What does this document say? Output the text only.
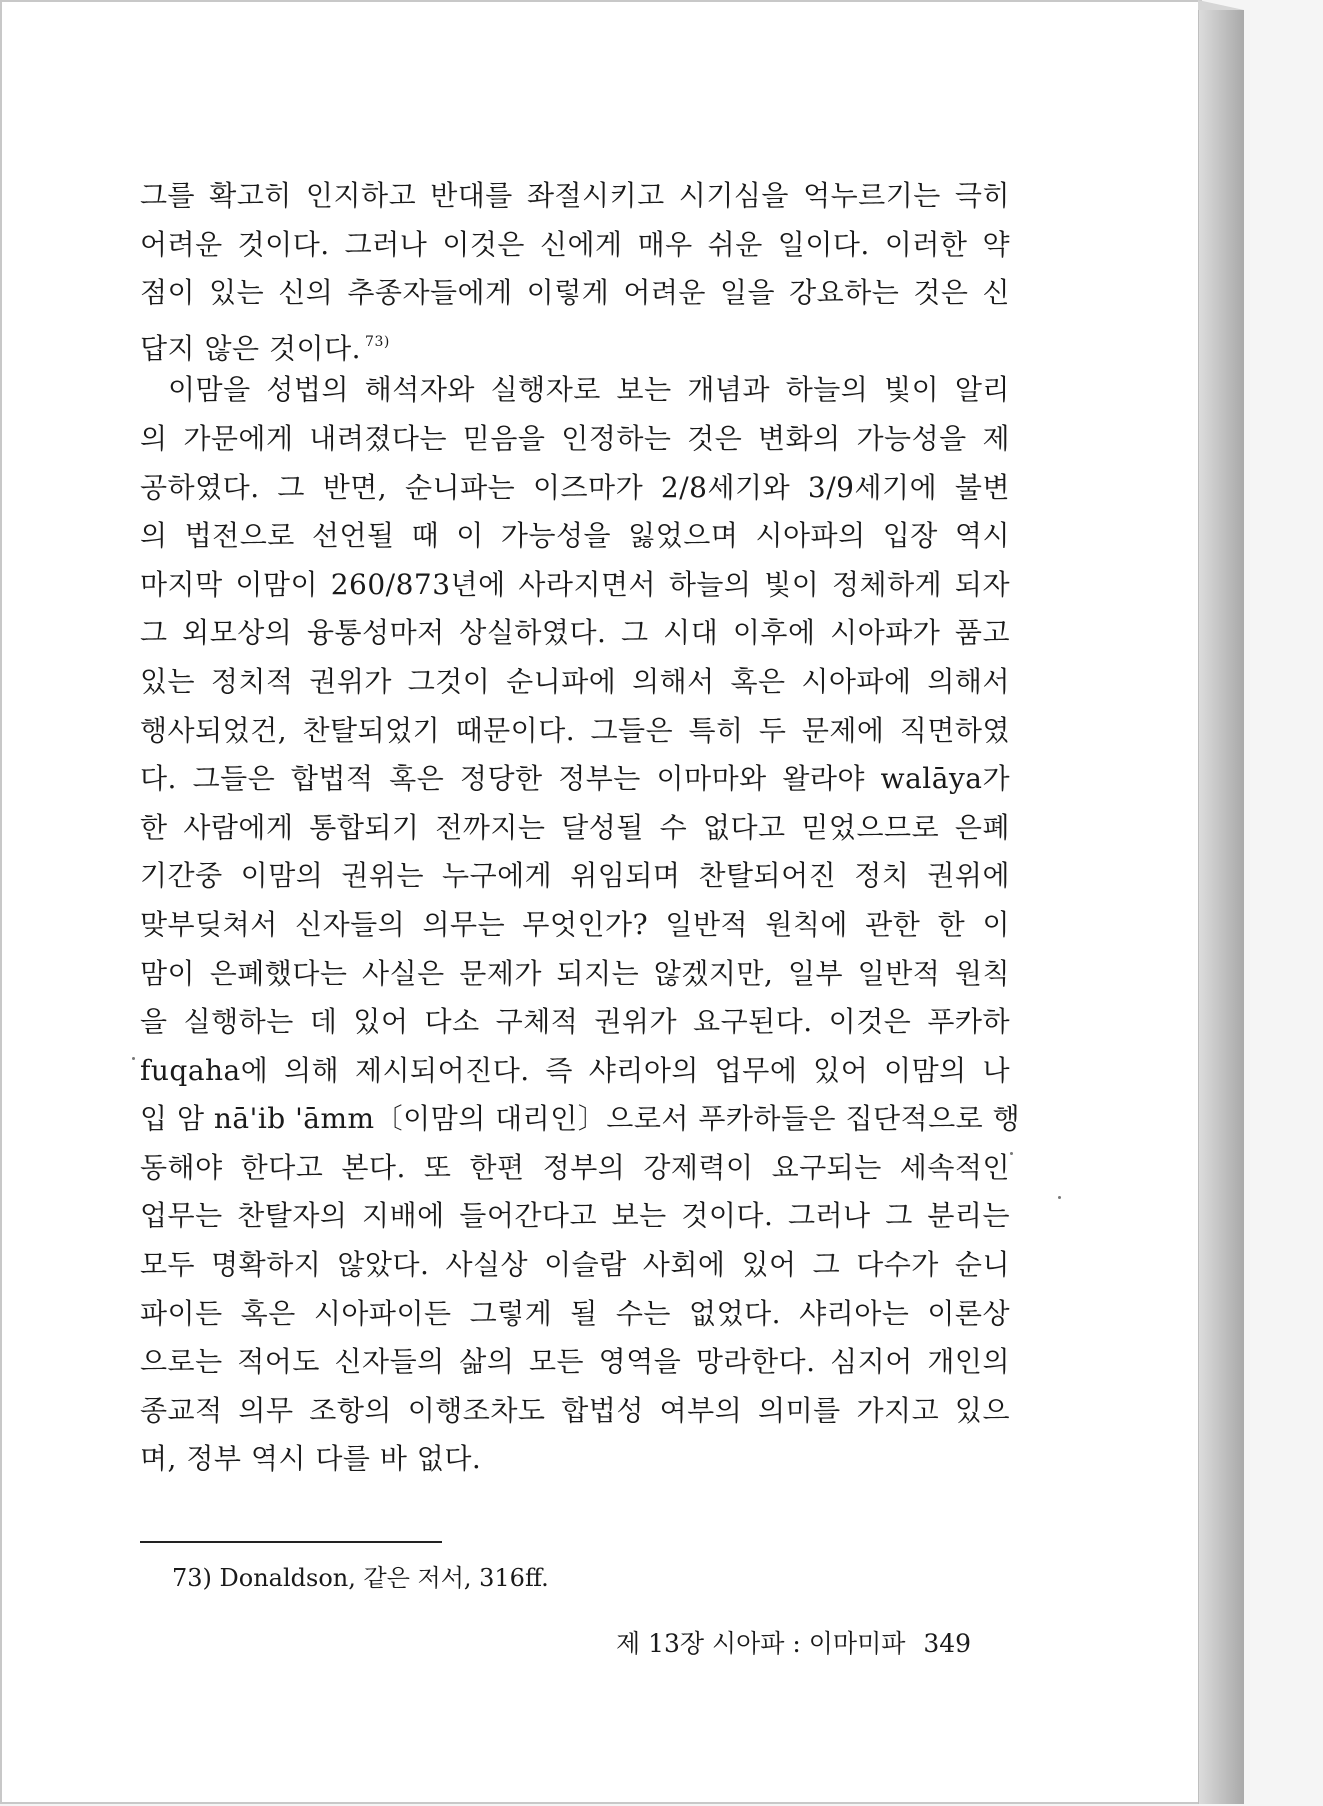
그를 확고히 인지하고 반대를 좌절시키고 시기심을 억누르기는 극히
어려운 것이다. 그러나 이것은 신에게 매우 쉬운 일이다. 이러한 약
점이 있는 신의 추종자들에게 이렇게 어려운 일을 강요하는 것은 신
답지 않은 것이다. $^{73)}$
이맘을 성법의 해석자와 실행자로 보는 개념과 하늘의 빛이 알리
의 가문에게 내려졌다는 믿음을 인정하는 것은 변화의 가능성을 제
공하였다. 그 반면, 순니파는 이즈마가 2/8세기와 3/9세기에 불변
의 법전으로 선언될 때 이 가능성을 잃었으며 시아파의 입장 역시
마지막 이맘이 260/873년에 사라지면서 하늘의 빛이 정체하게 되자
그 외모상의 융통성마저 상실하였다. 그 시대 이후에 시아파가 품고
있는 정치적 권위가 그것이 순니파에 의해서 혹은 시아파에 의해서
행사되었건, 찬탈되었기 때문이다. 그들은 특히 두 문제에 직면하였
다. 그들은 합법적 혹은 정당한 정부는 이마마와 왈라야 walāya가
한 사람에게 통합되기 전까지는 달성될 수 없다고 믿었으므로 은폐
기간중 이맘의 권위는 누구에게 위임되며 찬탈되어진 정치 권위에
맞부딪쳐서 신자들의 의무는 무엇인가? 일반적 원칙에 관한 한 이
맘이 은폐했다는 사실은 문제가 되지는 않겠지만, 일부 일반적 원칙
을 실행하는 데 있어 다소 구체적 권위가 요구된다. 이것은 푸카하
fuqaha에 의해 제시되어진다. 즉 샤리아의 업무에 있어 이맘의 나
입 암 nā'ib 'āmm〔이맘의 대리인〕으로서 푸카하들은 집단적으로 행
동해야 한다고 본다. 또 한편 정부의 강제력이 요구되는 세속적인
업무는 찬탈자의 지배에 들어간다고 보는 것이다. 그러나 그 분리는
모두 명확하지 않았다. 사실상 이슬람 사회에 있어 그 다수가 순니
파이든 혹은 시아파이든 그렇게 될 수는 없었다. 샤리아는 이론상
으로는 적어도 신자들의 삶의 모든 영역을 망라한다. 심지어 개인의
종교적 의무 조항의 이행조차도 합법성 여부의 의미를 가지고 있으
며, 정부 역시 다를 바 없다.
73) Donaldson, 같은 저서, 316ff.
제 13장 시아파 : 이마미파 349
